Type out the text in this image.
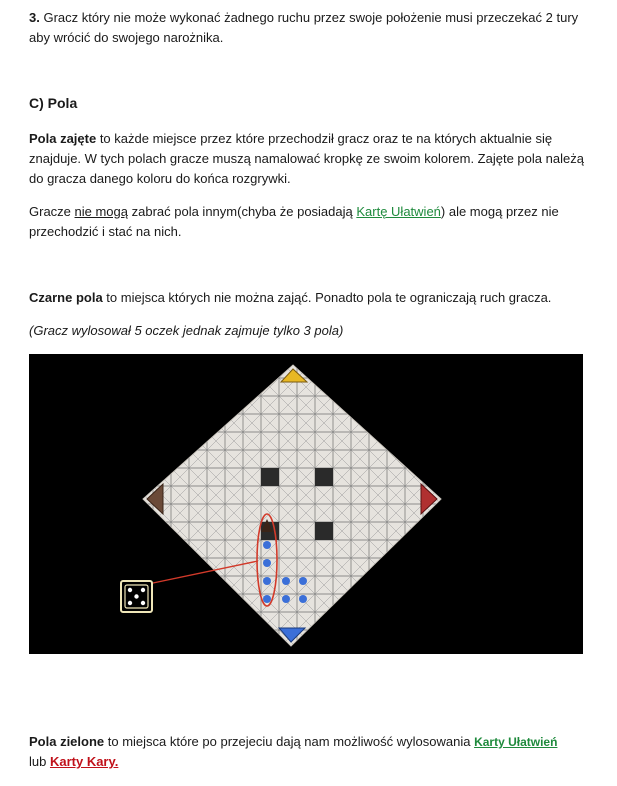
3. Gracz który nie może wykonać żadnego ruchu przez swoje położenie musi przeczekać 2 tury aby wrócić do swojego narożnika.
C) Pola
Pola zajęte to każde miejsce przez które przechodził gracz oraz te na których aktualnie się znajduje. W tych polach gracze muszą namalować kropkę ze swoim kolorem. Zajęte pola należą do gracza danego koloru do końca rozgrywki.
Gracze nie mogą zabrać pola innym(chyba że posiadają Kartę Ułatwień) ale mogą przez nie przechodzić i stać na nich.
Czarne pola to miejsca których nie można zająć. Ponadto pola te ograniczają ruch gracza.
(Gracz wylosował 5 oczek jednak zajmuje tylko 3 pola)
Pola zielone to miejsca które po przejeciu dają nam możliwość wylosowania Karty Ułatwień
lub Karty Kary.
